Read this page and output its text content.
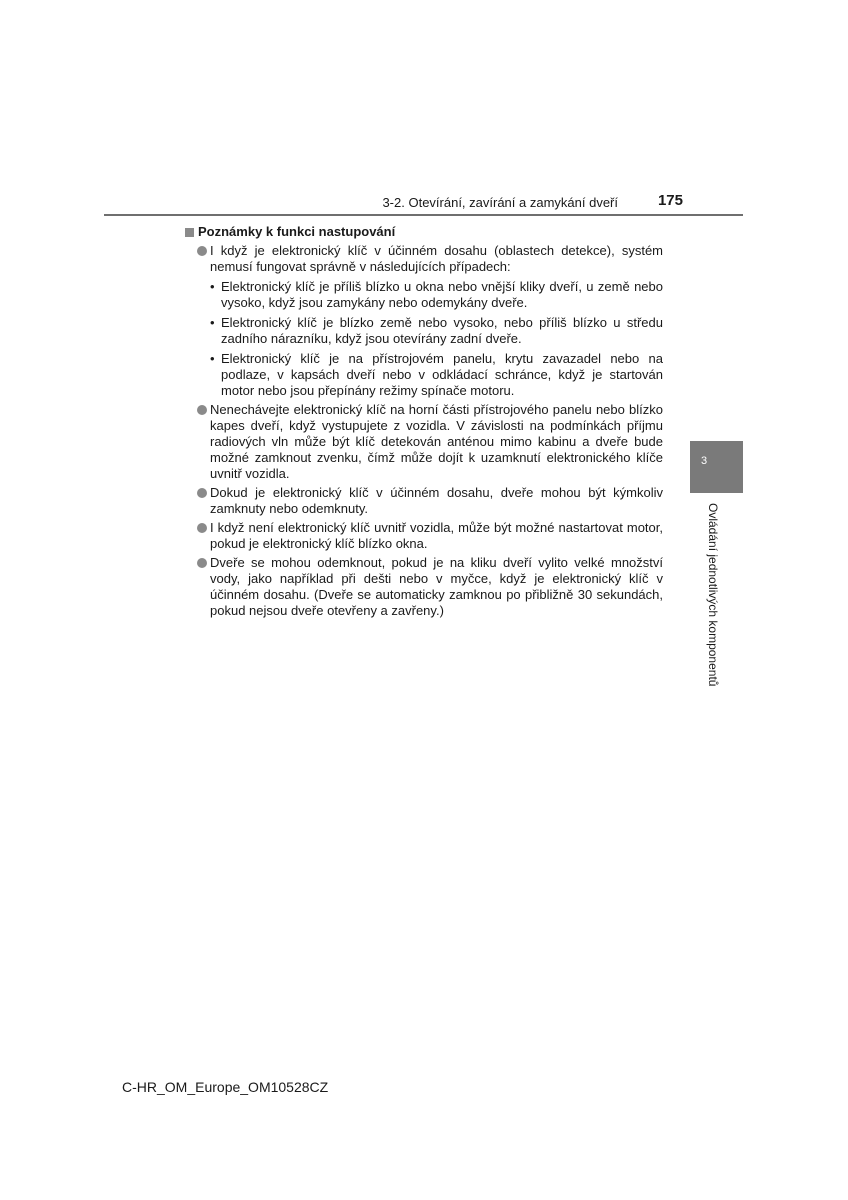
3-2. Otevírání, zavírání a zamykání dveří	175
3
Ovládání jednotlivých komponentů
Poznámky k funkci nastupování
I když je elektronický klíč v účinném dosahu (oblastech detekce), systém nemusí fungovat správně v následujících případech:
• Elektronický klíč je příliš blízko u okna nebo vnější kliky dveří, u země nebo vysoko, když jsou zamykány nebo odemykány dveře.
• Elektronický klíč je blízko země nebo vysoko, nebo příliš blízko u středu zadního nárazníku, když jsou otevírány zadní dveře.
• Elektronický klíč je na přístrojovém panelu, krytu zavazadel nebo na podlaze, v kapsách dveří nebo v odkládací schránce, když je startován motor nebo jsou přepínány režimy spínače motoru.
Nenechávejte elektronický klíč na horní části přístrojového panelu nebo blízko kapes dveří, když vystupujete z vozidla. V závislosti na podmínkách příjmu radiových vln může být klíč detekován anténou mimo kabinu a dveře bude možné zamknout zvenku, čímž může dojít k uzamknutí elektronického klíče uvnitř vozidla.
Dokud je elektronický klíč v účinném dosahu, dveře mohou být kýmkoliv zamknuty nebo odemknuty.
I když není elektronický klíč uvnitř vozidla, může být možné nastartovat motor, pokud je elektronický klíč blízko okna.
Dveře se mohou odemknout, pokud je na kliku dveří vylito velké množství vody, jako například při dešti nebo v myčce, když je elektronický klíč v účinném dosahu. (Dveře se automaticky zamknou po přibližně 30 sekundách, pokud nejsou dveře otevřeny a zavřeny.)
C-HR_OM_Europe_OM10528CZ
